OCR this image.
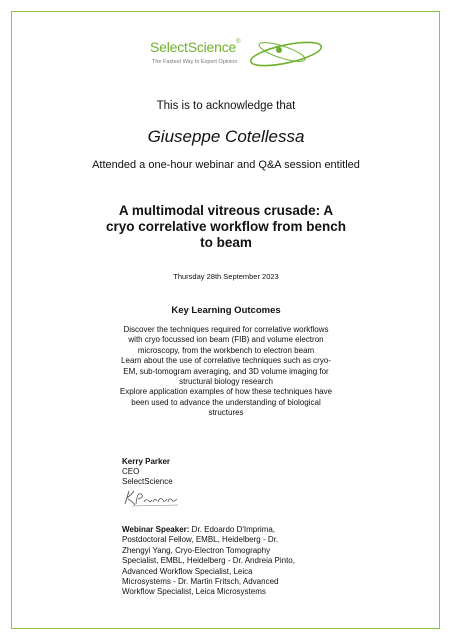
SelectScience®
The Fastest Way to Expert Opinion
This is to acknowledge that
Giuseppe Cotellessa
Attended a one-hour webinar and Q&A session entitled
A multimodal vitreous crusade: A cryo correlative workflow from bench to beam
Thursday 28th September 2023
Key Learning Outcomes
Discover the techniques required for correlative workflows with cryo focussed ion beam (FIB) and volume electron microscopy, from the workbench to electron beam
Learn about the use of correlative techniques such as cryo-EM, sub-tomogram averaging, and 3D volume imaging for structural biology research
Explore application examples of how these techniques have been used to advance the understanding of biological structures
Kerry Parker
CEO
SelectScience
Webinar Speaker: Dr. Edoardo D'Imprima, Postdoctoral Fellow, EMBL, Heidelberg - Dr. Zhengyi Yang, Cryo-Electron Tomography Specialist, EMBL, Heidelberg - Dr. Andreia Pinto, Advanced Workflow Specialist, Leica Microsystems - Dr. Martin Fritsch, Advanced Workflow Specialist, Leica Microsystems
